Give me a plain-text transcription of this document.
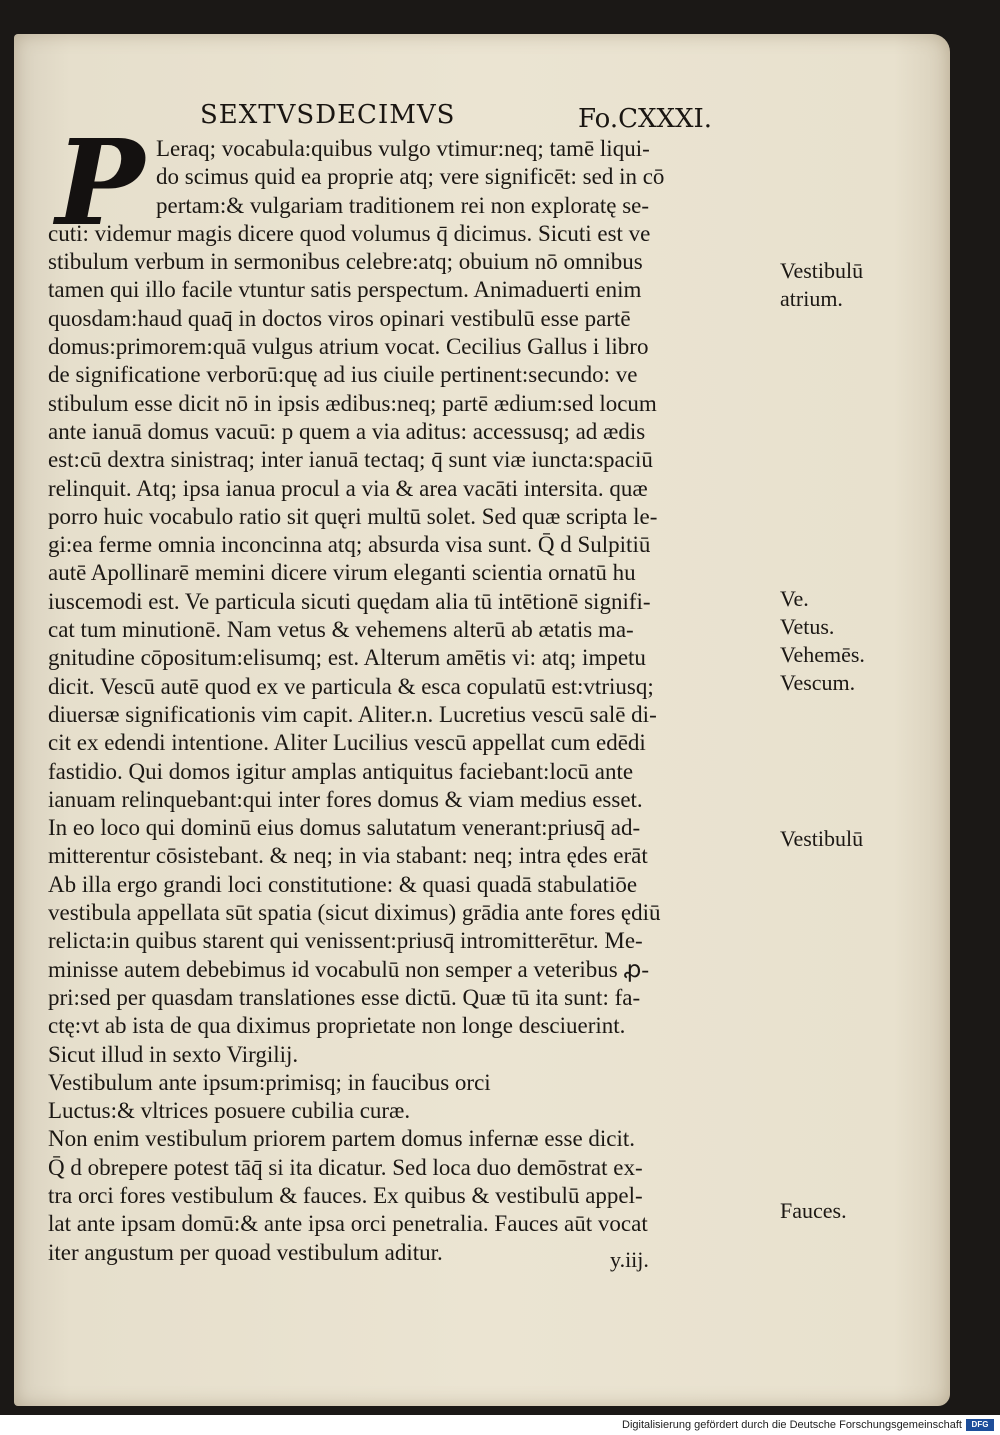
SEXTVSDECIMVS	Fo.CXXXI.
P Leraq; vocabula:quibus vulgo vtimur:neq; tamē liqui-
do scimus quid ea proprie atq; vere significēt: sed in cō
pertam:& vulgariam traditionem rei non exploratę se-
cuti: videmur magis dicere quod volumus q̄ dicimus. Sicuti est ve
stibulum verbum in sermonibus celebre:atq; obuium nō omnibus
tamen qui illo facile vtuntur satis perspectum. Animaduerti enim
quosdam:haud quaq̄ in doctos viros opinari vestibulū esse partē
domus:primorem:quā vulgus atrium vocat. Cecilius Gallus i libro
de significatione verborū:quę ad ius ciuile pertinent:secundo: ve
stibulum esse dicit nō in ipsis ædibus:neq; partē ædium:sed locum
ante ianuā domus vacuū: p quem a via aditus: accessusq; ad ædis
est:cū dextra sinistraq; inter ianuā tectaq; q̄ sunt viæ iuncta:spaciū
relinquit. Atq; ipsa ianua procul a via & area vacāti intersita. quæ
porro huic vocabulo ratio sit quęri multū solet. Sed quæ scripta le-
gi:ea ferme omnia inconcinna atq; absurda visa sunt. Q̄ d Sulpitiū
autē Apollinarē memini dicere virum eleganti scientia ornatū hu
iuscemodi est. Ve particula sicuti quędam alia tū intētionē signifi-
cat tum minutionē. Nam vetus & vehemens alterū ab ætatis ma-
gnitudine cōpositum:elisumq; est. Alterum amētis vi: atq; impetu
dicit. Vescū autē quod ex ve particula & esca copulatū est:vtriusq;
diuersæ significationis vim capit. Aliter.n. Lucretius vescū salē di-
cit ex edendi intentione. Aliter Lucilius vescū appellat cum edēdi
fastidio. Qui domos igitur amplas antiquitus faciebant:locū ante
ianuam relinquebant:qui inter fores domus & viam medius esset.
In eo loco qui dominū eius domus salutatum venerant:priusq̄ ad-
mitterentur cōsistebant. & neq; in via stabant: neq; intra ędes erāt
Ab illa ergo grandi loci constitutione: & quasi quadā stabulatiōe
vestibula appellata sūt spatia (sicut diximus) grādia ante fores ędiū
relicta:in quibus starent qui venissent:priusq̄ intromitterētur. Me-
minisse autem debebimus id vocabulū non semper a veteribus ꝓ-
pri:sed per quasdam translationes esse dictū. Quæ tū ita sunt: fa-
ctę:vt ab ista de qua diximus proprietate non longe desciuerint.
Sicut illud in sexto Virgilij.
Vestibulum ante ipsum:primisq; in faucibus orci
Luctus:& vltrices posuere cubilia curæ.
Non enim vestibulum priorem partem domus infernæ esse dicit.
Q̄ d obrepere potest tāq̄ si ita dicatur. Sed loca duo demōstrat ex-
tra orci fores vestibulum & fauces. Ex quibus & vestibulū appel-
lat ante ipsam domū:& ante ipsa orci penetralia. Fauces aūt vocat
iter angustum per quoad vestibulum aditur.
Vestibulū
atrium.
Ve.
Vetus.
Vehemēs.
Vescum.
Vestibulū
Fauces.
y.iij.
Digitalisierung gefördert durch die Deutsche Forschungsgemeinschaft	DFG
